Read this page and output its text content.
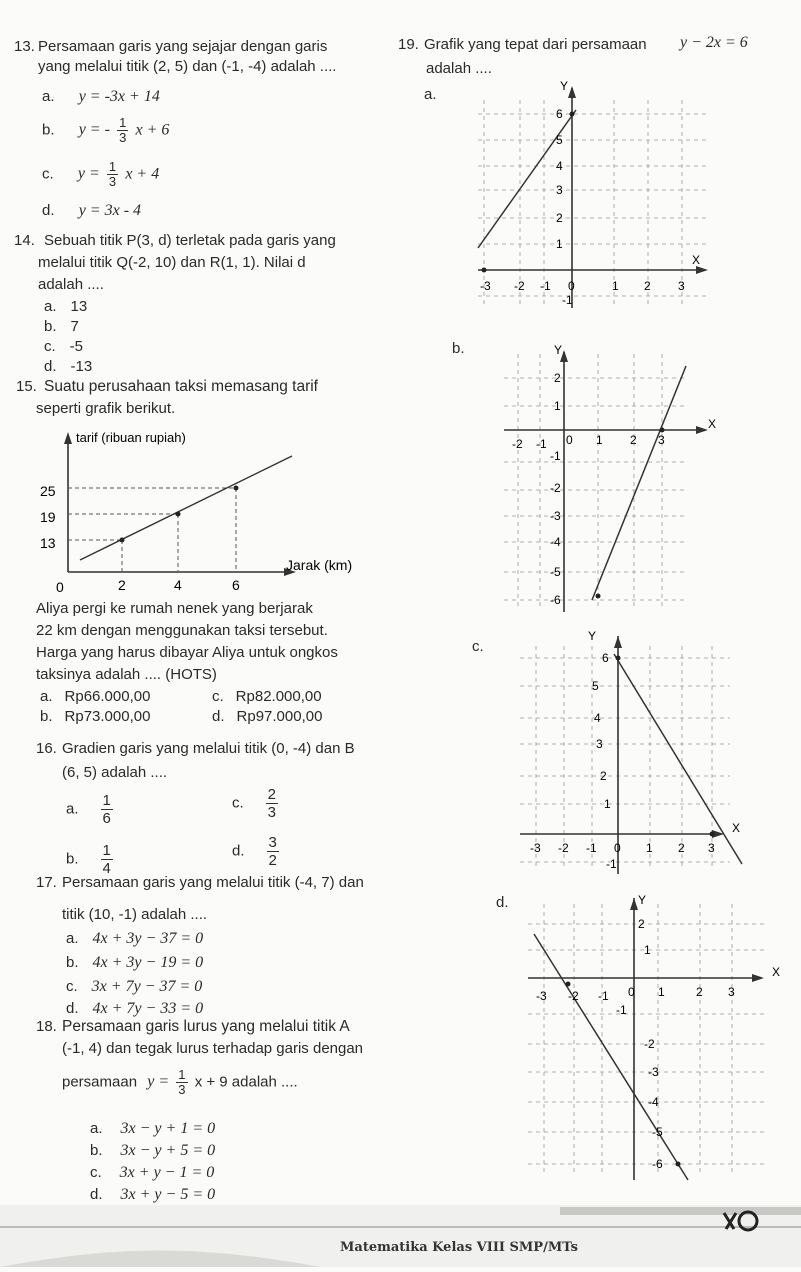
13. Persamaan garis yang sejajar dengan garis
yang melalui titik (2, 5) dan (-1, -4) adalah ....
a. y = -3x + 14
b. y = - $\frac{1}{3}$ x + 6
c. $y = \frac{1}{3}$ x + 4
d. y = 3x - 4
14. Sebuah titik P(3, d) terletak pada garis yang
melalui titik Q(-2, 10) dan R(1, 1). Nilai d
adalah ....
a. 13
b. 7
c. -5
d. -13
15. Suatu perusahaan taksi memasang tarif
seperti grafik berikut.
tarif (ribuan rupiah)
Jarak (km)
25
19
13
0	2	4	6
Aliya pergi ke rumah nenek yang berjarak
22 km dengan menggunakan taksi tersebut.
Harga yang harus dibayar Aliya untuk ongkos
taksinya adalah .... (HOTS)
a. Rp66.000,00	c. Rp82.000,00
b. Rp73.000,00	d. Rp97.000,00
16. Gradien garis yang melalui titik (0, -4) dan B
(6, 5) adalah ....
a. $\frac{1}{6}$	c. $\frac{2}{3}$
b. $\frac{1}{4}$	d. $\frac{3}{2}$
17. Persamaan garis yang melalui titik (-4, 7) dan
titik (10, -1) adalah ....
a. 4x + 3y − 37 = 0
b. 4x + 3y − 19 = 0
c. 3x + 7y − 37 = 0
d. 4x + 7y − 33 = 0
18. Persamaan garis lurus yang melalui titik A
(-1, 4) dan tegak lurus terhadap garis dengan
persamaan $y = \frac{1}{3}$ x + 9 adalah ....
a. 3x − y + 1 = 0
b. 3x − y + 5 = 0
c. 3x + y − 1 = 0
d. 3x + y − 5 = 0
19. Grafik yang tepat dari persamaan y − 2x = 6
adalah ....
a.	Y
X
6
5
4
3
2
1
-3 -2 -1 0	1 2 3
-1
b.	Y
X
2
1
-1
-2
-3
-4
-5
-6
-2 -1 0 1 2 3
c.
Y
X
6
5
4
3
2
1
-3 -2 -1 0 1 2 3
-1
d.	Y
X
2
1
-1
-2
-3
-4
-5
-6
-3 -2 -1 0 1	2 3
Matematika Kelas VIII SMP/MTs
